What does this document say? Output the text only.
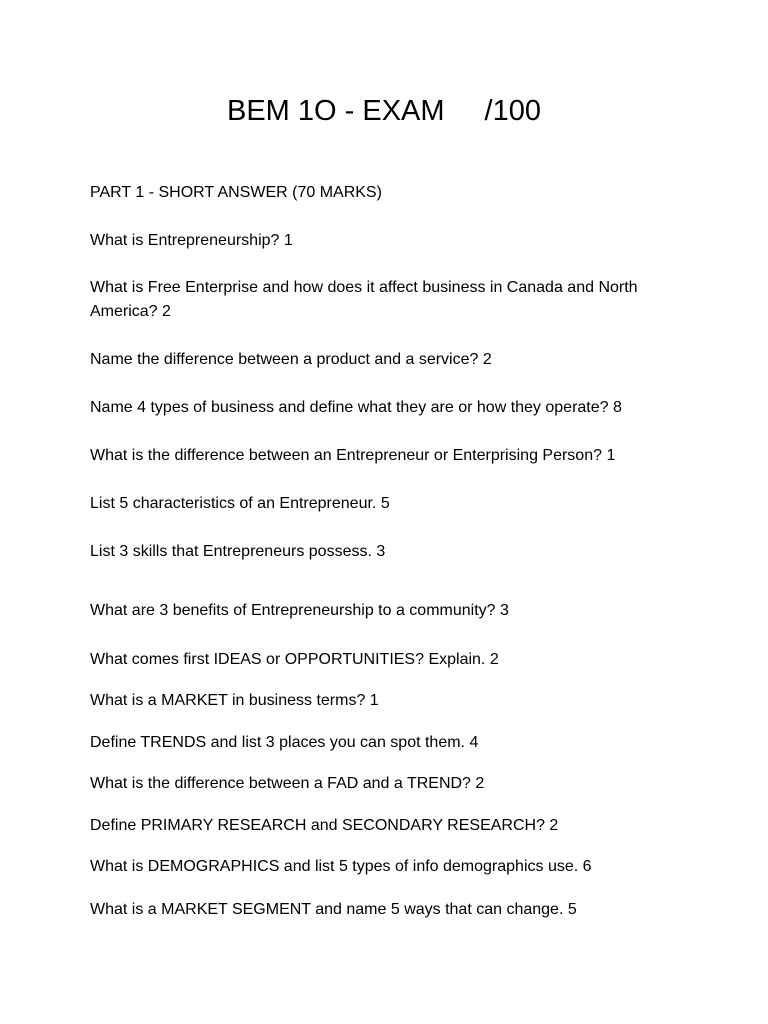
BEM 1O - EXAM /100
PART 1 - SHORT ANSWER (70 MARKS)
What is Entrepreneurship? 1
What is Free Enterprise and how does it affect business in Canada and North America? 2
Name the difference between a product and a service? 2
Name 4 types of business and define what they are or how they operate? 8
What is the difference between an Entrepreneur or Enterprising Person? 1
List 5 characteristics of an Entrepreneur. 5
List 3 skills that Entrepreneurs possess. 3
What are 3 benefits of Entrepreneurship to a community? 3
What comes first IDEAS or OPPORTUNITIES? Explain. 2
What is a MARKET in business terms? 1
Define TRENDS and list 3 places you can spot them. 4
What is the difference between a FAD and a TREND? 2
Define PRIMARY RESEARCH and SECONDARY RESEARCH? 2
What is DEMOGRAPHICS and list 5 types of info demographics use. 6
What is a MARKET SEGMENT and name 5 ways that can change. 5
